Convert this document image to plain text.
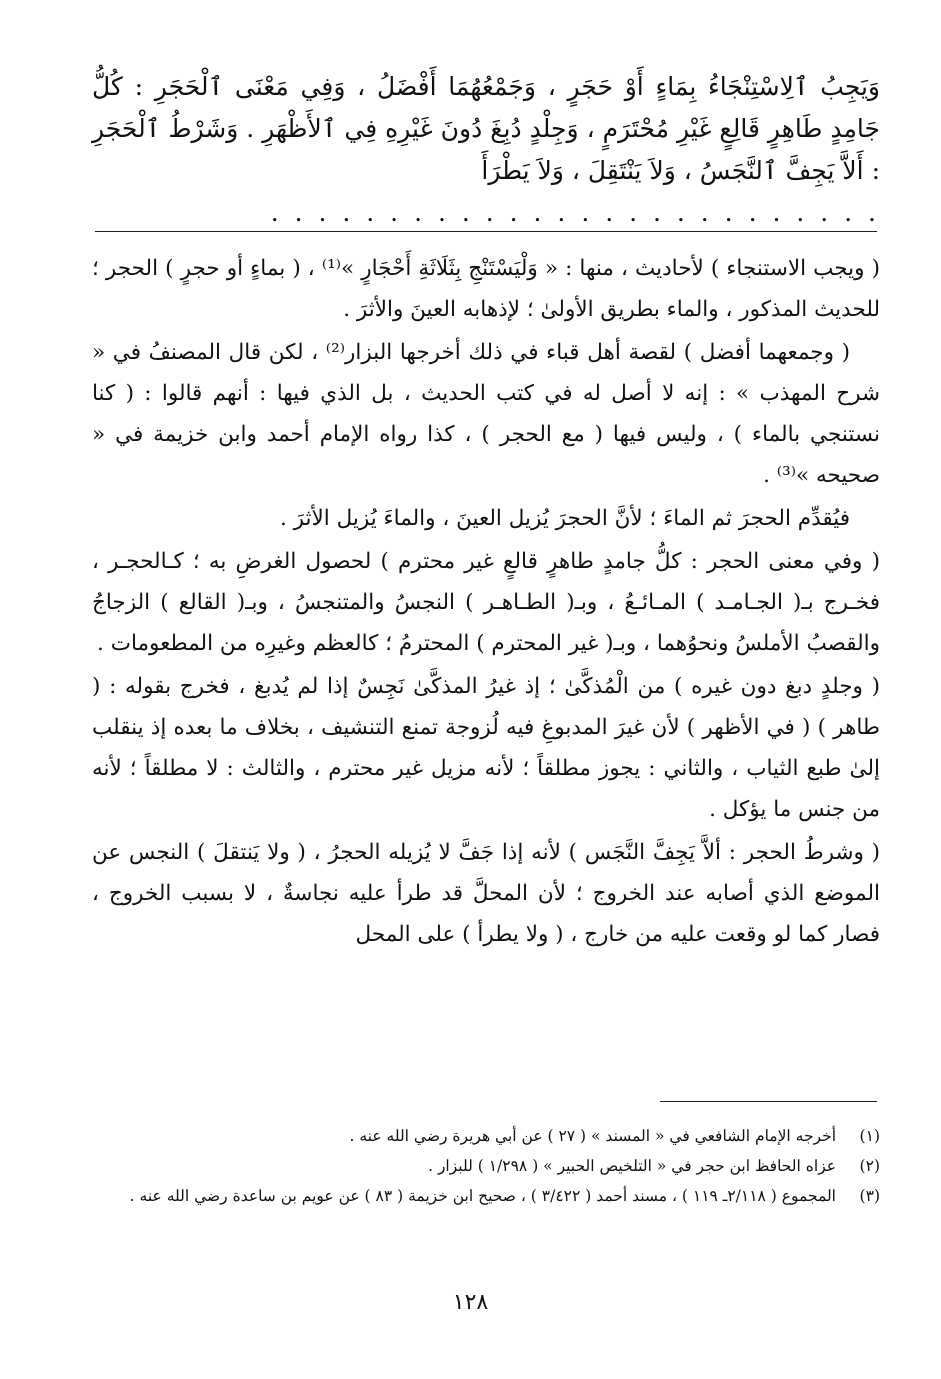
وَيَجِبُ ٱلِاسْتِنْجَاءُ بِمَاءٍ أَوْ حَجَرٍ ، وَجَمْعُهُمَا أَفْضَلُ ، وَفِي مَعْنَى ٱلْحَجَرِ : كُلُّ جَامِدٍ طَاهِرٍ قَالِعٍ غَيْرِ مُحْتَرَمٍ ، وَجِلْدٍ دُبِغَ دُونَ غَيْرِهِ فِي ٱلأَظْهَرِ . وَشَرْطُ ٱلْحَجَرِ : أَلاَّ يَجِفَّ ٱلنَّجَسُ ، وَلاَ يَنْتَقِلَ ، وَلاَ يَطْرَأَ

. . . . . . . . . . . . . . . . . . . . . . . . . .

( ويجب الاستنجاء ) لأحاديث ، منها : « وَلْيَسْتَنْجِ بِثَلَاثَةِ أَحْجَارٍ »⁽¹⁾ ، ( بماءٍ أو حجرٍ ) الحجر ؛ للحديث المذكور ، والماء بطريق الأولىٰ ؛ لإذهابه العينَ والأثرَ .

( وجمعهما أفضل ) لقصة أهل قباء في ذلك أخرجها البزار⁽²⁾ ، لكن قال المصنفُ في « شرح المهذب » : إنه لا أصل له في كتب الحديث ، بل الذي فيها : أنهم قالوا : ( كنا نستنجي بالماء ) ، وليس فيها ( مع الحجر ) ، كذا رواه الإمام أحمد وابن خزيمة في « صحيحه »⁽³⁾ .

فيُقدِّم الحجرَ ثم الماءَ ؛ لأنَّ الحجرَ يُزيل العينَ ، والماءَ يُزيل الأثرَ .

( وفي معنى الحجر : كلُّ جامدٍ طاهرٍ قالعٍ غير محترم ) لحصول الغرضِ به ؛ كـالحجـر ، فخـرج بـ( الجـامـد ) المـائـعُ ، وبـ( الطـاهـر ) النجسُ والمتنجسُ ، وبـ( القالع ) الزجاجُ والقصبُ الأملسُ ونحوُهما ، وبـ( غير المحترم ) المحترمُ ؛ كالعظم وغيرِه من المطعومات .

( وجلدٍ دبغ دون غيره ) من الْمُذكَّىٰ ؛ إذ غيرُ المذكَّىٰ نَجِسٌ إذا لم يُدبغ ، فخرج بقوله : ( طاهر ) ( في الأظهر ) لأن غيرَ المدبوغِ فيه لُزوجة تمنع التنشيف ، بخلاف ما بعده إذ ينقلب إلىٰ طبع الثياب ، والثاني : يجوز مطلقاً ؛ لأنه مزيل غير محترم ، والثالث : لا مطلقاً ؛ لأنه من جنس ما يؤكل .

( وشرطُ الحجر : ألاَّ يَجِفَّ النَّجَس ) لأنه إذا جَفَّ لا يُزيله الحجرُ ، ( ولا يَنتقلَ ) النجس عن الموضع الذي أصابه عند الخروج ؛ لأن المحلَّ قد طرأ عليه نجاسةٌ ، لا بسبب الخروج ، فصار كما لو وقعت عليه من خارج ، ( ولا يطرأ ) على المحل

(١)
أخرجه الإمام الشافعي في « المسند » ( ٢٧ ) عن أبي هريرة رضي الله عنه .
(٢)
عزاه الحافظ ابن حجر في « التلخيص الحبير » ( ١/٢٩٨ ) للبزار .
(٣)
المجموع ( ٢/١١٨ـ ١١٩ ) ، مسند أحمد ( ٣/٤٢٢ ) ، صحيح ابن خزيمة ( ٨٣ ) عن عويم بن ساعدة رضي الله عنه .
١٢٨
